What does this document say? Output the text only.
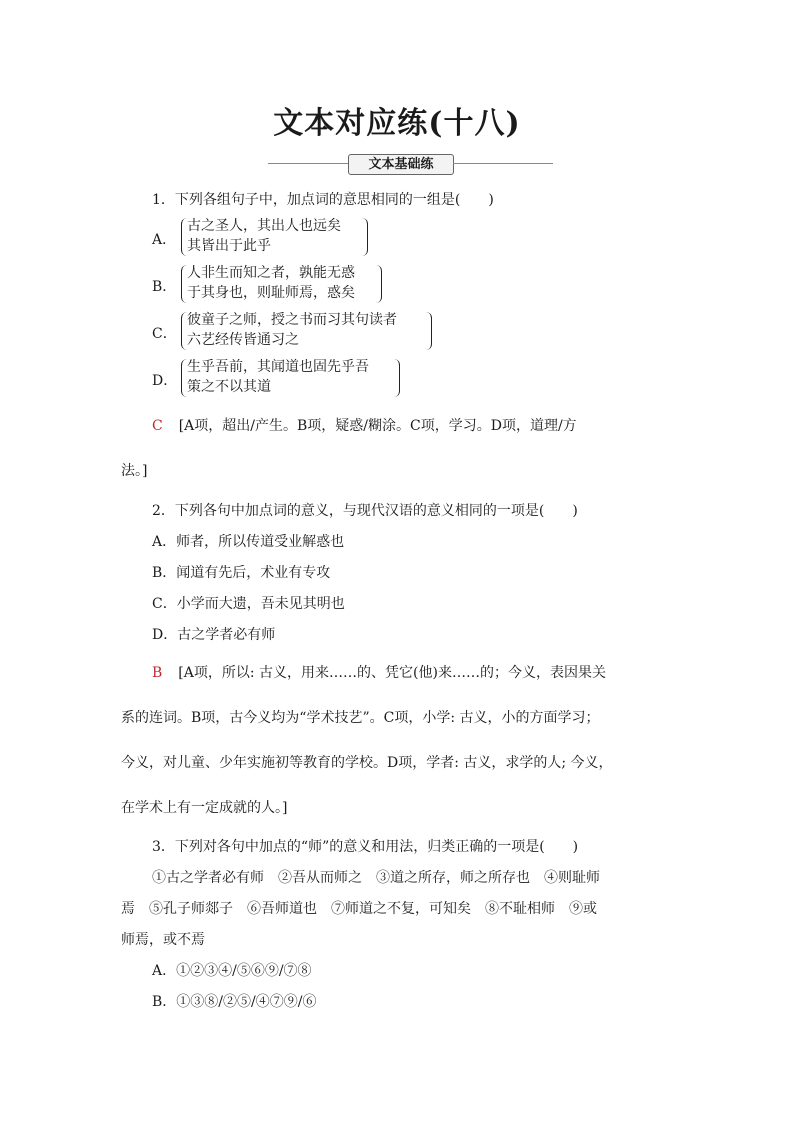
文本对应练(十八)
文本基础练
1．下列各组句子中，加点词的意思相同的一组是(　　)
A．
古之圣人，其出人也远矣
其皆出于此乎
B．
人非生而知之者，孰能无惑
于其身也，则耻师焉，惑矣
C．
彼童子之师，授之书而习其句读者
六艺经传皆通习之
D．
生乎吾前，其闻道也固先乎吾
策之不以其道
C [A项，超出/产生。B项，疑惑/糊涂。C项，学习。D项，道理/方
法。]
2．下列各句中加点词的意义，与现代汉语的意义相同的一项是(　　)
A．师者，所以传道受业解惑也
B．闻道有先后，术业有专攻
C．小学而大遗，吾未见其明也
D．古之学者必有师
B [A项，所以: 古义，用来……的、凭它(他)来……的；今义，表因果关
系的连词。B项，古今义均为“学术技艺”。C项，小学: 古义，小的方面学习；
今义，对儿童、少年实施初等教育的学校。D项，学者: 古义，求学的人; 今义，
在学术上有一定成就的人。]
3．下列对各句中加点的“师”的意义和用法，归类正确的一项是(　　)
①古之学者必有师　②吾从而师之　③道之所存，师之所存也　④则耻师
焉　⑤孔子师郯子　⑥吾师道也　⑦师道之不复，可知矣　⑧不耻相师　⑨或
师焉，或不焉
A．①②③④/⑤⑥⑨/⑦⑧
B．①③⑧/②⑤/④⑦⑨/⑥
